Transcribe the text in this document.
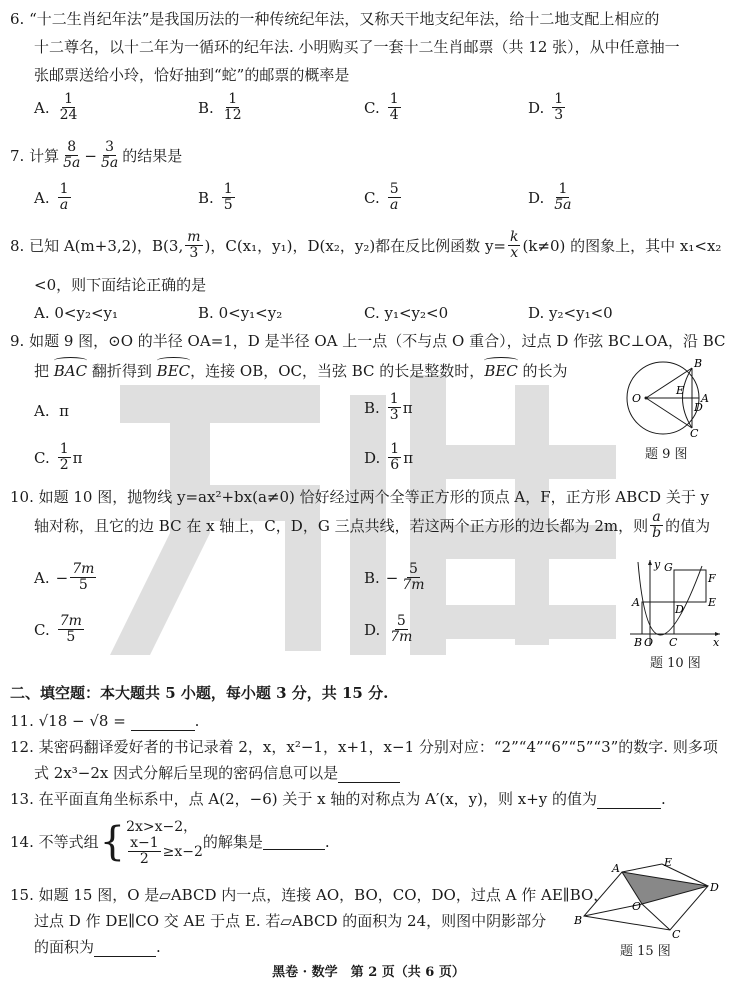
6. “十二生肖纪年法”是我国历法的一种传统纪年法，又称天干地支纪年法，给十二地支配上相应的
十二尊名，以十二年为一循环的纪年法. 小明购买了一套十二生肖邮票（共 12 张），从中任意抽一
张邮票送给小玲，恰好抽到“蛇”的邮票的概率是
A. $\frac{1}{24}$	B. $\frac{1}{12}$	C. $\frac{1}{4}$	D. $\frac{1}{3}$
7. 计算 $\frac{8}{5a} - \frac{3}{5a}$ 的结果是
A. $\frac{1}{a}$	B. $\frac{1}{5}$	C. $\frac{5}{a}$	D. $\frac{1}{5a}$
8. 已知 A(m+3,2)，B(3, $\frac{m}{3}$ )，C(x₁，y₁)，D(x₂，y₂)都在反比例函数 $y= \frac{k}{x} (k\ne 0)$ 的图象上，其中 x₁<x₂
<0，则下面结论正确的是
A. 0<y₂<y₁	B. 0<y₁<y₂	C. y₁<y₂<0	D. y₂<y₁<0
9. 如题 9 图，⊙O 的半径 OA=1，D 是半径 OA 上一点（不与点 O 重合），过点 D 作弦 BC⊥OA，沿 BC
把
BAC 翻折得到
BEC，连接 OB，OC，当弦 BC 的长是整数时，
BEC 的长为
A. π	B. $\frac{1}{3}$ π
C. $\frac{1}{2}$ π	D. $\frac{1}{6}$ π
B
O
E
A
D
C
题 9 图
10. 如题 10 图，抛物线 y=ax²+bx(a≠0) 恰好经过两个全等正方形的顶点 A，F，正方形 ABCD 关于 y
轴对称，且它的边 BC 在 x 轴上，C，D，G 三点共线，若这两个正方形的边长都为 2m，则 $\frac{a}{b}$ 的值为
A. − $\frac{7m}{5}$	B. − $\frac{5}{7m}$
C. $\frac{7m}{5}$	D. $\frac{5}{7m}$
y G
F
A
D
E
B O C	x
题 10 图
二、填空题：本大题共 5 小题，每小题 3 分，共 15 分.
11. √18 − √8 =	.
12. 某密码翻译爱好者的书记录着 2，x，x²−1，x+1，x−1 分别对应：“2”“4”“6”“5”“3”的数字. 则多项
式 2x³−2x 因式分解后呈现的密码信息可以是
13. 在平面直角坐标系中，点 A(2，−6) 关于 x 轴的对称点为 A′(x，y)，则 x+y 的值为	.
14. 不等式组 { 2x>x−2，
$\frac{x-1}{2} \ge x-2$
的解集是	.
15. 如题 15 图，O 是▱ABCD 内一点，连接 AO，BO，CO，DO，过点 A 作 AE∥BO，
过点 D 作 DE∥CO 交 AE 于点 E. 若▱ABCD 的面积为 24，则图中阴影部分
的面积为	.
E
A
D
O
B
C
题 15 图
黑卷 · 数学　第 2 页（共 6 页）
